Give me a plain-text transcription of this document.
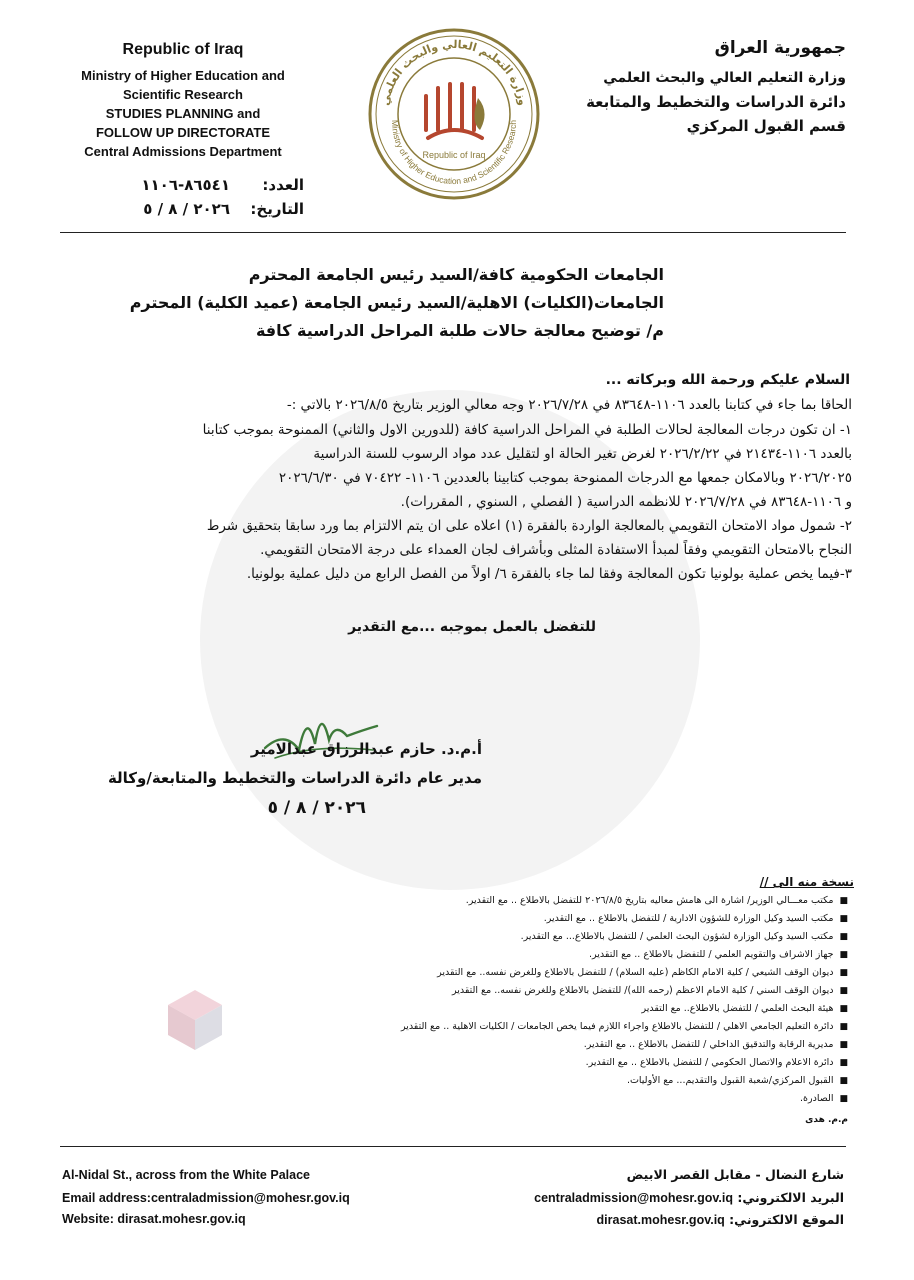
جمهورية العراق
وزارة التعليم العالي والبحث العلمي
دائرة الدراسات والتخطيط والمتابعة
قسم القبول المركزي
Republic of Iraq
Ministry of Higher Education and
Scientific Research
STUDIES PLANNING and
FOLLOW UP DIRECTORATE
Central Admissions Department
وزارة التعليم العالي والبحث العلمي
Ministry of Higher Education and Scientific Research
Republic of Iraq
العدد:
٨٦٥٤١-١١٠٦
التاريخ:
٢٠٢٦ / ٨ / ٥
الجامعات الحكومية كافة/السيد رئيس الجامعة المحترم
الجامعات(الكليات) الاهلية/السيد رئيس الجامعة (عميد الكلية) المحترم
م/ توضيح معالجة حالات طلبة المراحل الدراسية كافة
السلام عليكم ورحمة الله وبركاته ...
الحاقا بما جاء في كتابنا بالعدد ١١٠٦-٨٣٦٤٨ في ٢٠٢٦/٧/٢٨ وجه معالي الوزير بتاريخ ٢٠٢٦/٨/٥ بالاتي :-
١- ان تكون درجات المعالجة لحالات الطلبة في المراحل الدراسية كافة (للدورين الاول والثاني) الممنوحة بموجب كتابنا
بالعدد ١١٠٦-٢١٤٣٤ في ٢٠٢٦/٢/٢٢ لغرض تغير الحالة او لتقليل عدد مواد الرسوب للسنة الدراسية
٢٠٢٦/٢٠٢٥ وبالامكان جمعها مع الدرجات الممنوحة بموجب كتابينا بالعددين ١١٠٦- ٧٠٤٢٢ في ٢٠٢٦/٦/٣٠
و ١١٠٦-٨٣٦٤٨ في ٢٠٢٦/٧/٢٨ للانظمه الدراسية ( الفصلي , السنوي , المقررات).
٢- شمول مواد الامتحان التقويمي بالمعالجة الواردة بالفقرة (١) اعلاه على ان يتم الالتزام بما ورد سابقا بتحقيق شرط
النجاح بالامتحان التقويمي وفقاً لمبدأ الاستفادة المثلى وبأشراف لجان العمداء على درجة الامتحان التقويمي.
٣-فيما يخص عملية بولونيا تكون المعالجة وفقا لما جاء بالفقرة ٦/ اولاً من الفصل الرابع من دليل عملية بولونيا.
للتفضل بالعمل بموجبه ...مع التقدير
أ.م.د. حازم عبدالرزاق عبدالامير
مدير عام دائرة الدراسات والتخطيط والمتابعة/وكالة
٢٠٢٦ / ٨ / ٥
نسخة منه الى //
■مكتب معـــالي الوزير/ اشارة الى هامش معاليه بتاريخ ٢٠٢٦/٨/٥ للتفضل بالاطلاع .. مع التقدير.
■مكتب السيد وكيل الوزارة للشؤون الادارية / للتفضل بالاطلاع .. مع التقدير.
■مكتب السيد وكيل الوزارة لشؤون البحث العلمي / للتفضل بالاطلاع... مع التقدير.
■جهاز الاشراف والتقويم العلمي / للتفضل بالاطلاع .. مع التقدير.
■ديوان الوقف الشيعي / كلية الامام الكاظم (عليه السلام) / للتفضل بالاطلاع وللغرض نفسه.. مع التقدير
■ديوان الوقف السني / كلية الامام الاعظم (رحمه الله)/ للتفضل بالاطلاع وللغرض نفسه.. مع التقدير
■هيئة البحث العلمي / للتفضل بالاطلاع.. مع التقدير
■دائرة التعليم الجامعي الاهلي / للتفضل بالاطلاع واجراء اللازم فيما يخص الجامعات / الكليات الاهلية .. مع التقدير
■مديرية الرقابة والتدقيق الداخلي / للتفضل بالاطلاع .. مع التقدير.
■دائرة الاعلام والاتصال الحكومي / للتفضل بالاطلاع .. مع التقدير.
■القبول المركزي/شعبة القبول والتقديم... مع الأوليات.
■الصادرة.
م.م. هدى
Al-Nidal St., across from the White Palace
Email address:centraladmission@mohesr.gov.iq
Website: dirasat.mohesr.gov.iq
شارع النضال - مقابل القصر الابيض
البريد الالكتروني: centraladmission@mohesr.gov.iq
الموقع الالكتروني: dirasat.mohesr.gov.iq
